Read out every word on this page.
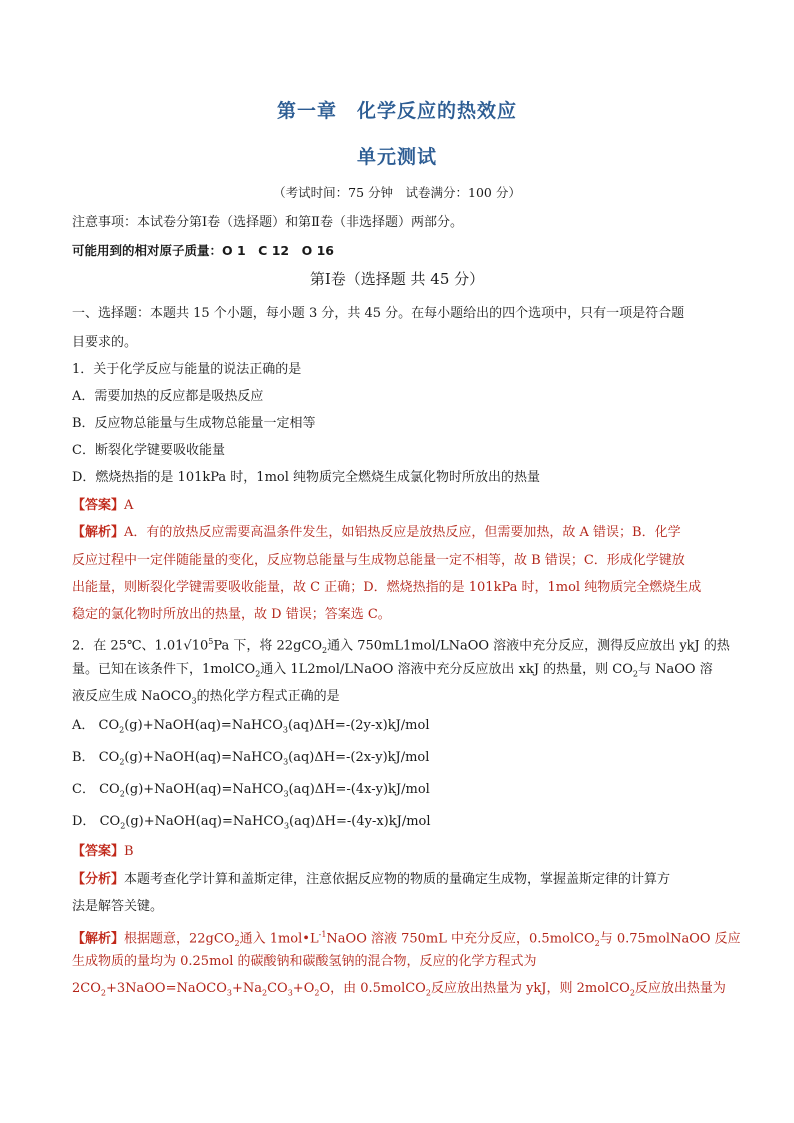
第一章　化学反应的热效应
单元测试
（考试时间：75 分钟　试卷满分：100 分）
注意事项：本试卷分第Ⅰ卷（选择题）和第Ⅱ卷（非选择题）两部分。
可能用到的相对原子质量：O 1　C 12　O 16
第Ⅰ卷（选择题 共 45 分）
一、选择题：本题共 15 个小题，每小题 3 分，共 45 分。在每小题给出的四个选项中，只有一项是符合题
目要求的。
1．关于化学反应与能量的说法正确的是
A．需要加热的反应都是吸热反应
B．反应物总能量与生成物总能量一定相等
C．断裂化学键要吸收能量
D．燃烧热指的是 101kPa 时，1mol 纯物质完全燃烧生成氯化物时所放出的热量
【答案】A
【解析】A．有的放热反应需要高温条件发生，如铝热反应是放热反应，但需要加热，故 A 错误；B．化学
反应过程中一定伴随能量的变化，反应物总能量与生成物总能量一定不相等，故 B 错误；C．形成化学键放
出能量，则断裂化学键需要吸收能量，故 C 正确；D．燃烧热指的是 101kPa 时，1mol 纯物质完全燃烧生成
稳定的氯化物时所放出的热量，故 D 错误；答案选 C。
2．在 25℃、$1.01√10^5Pa$ 下，将 22gCO$_2$通入 750mL1mol/LNaOO 溶液中充分反应，测得反应放出 ykJ 的热
量。已知在该条件下，1molCO$_2$通入 1L2mol/LNaOO 溶液中充分反应放出 xkJ 的热量，则 $CO_2$与 NaOO 溶
液反应生成 NaOCO$_3$的热化学方程式正确的是
A． $CO_2(g)+NaOH(aq)=NaHCO_3(aq)\Delta H=-(2y-x)kJ$/mol
B． $CO_2(g)+NaOH(aq)=NaHCO_3(aq)\Delta H=-(2x-y)kJ$/mol
C． $CO_2(g)+NaOH(aq)=NaHCO_3(aq)\Delta H=-(4x-y)kJ$/mol
D． $CO_2(g)+NaOH(aq)=NaHCO_3(aq)\Delta H=-(4y-x)kJ$/mol
【答案】B
【分析】本题考查化学计算和盖斯定律，注意依据反应物的物质的量确定生成物，掌握盖斯定律的计算方
法是解答关键。
【解析】根据题意，22gCO$_2$通入 $1mol•L^{-1}NaOO$ 溶液 750mL 中充分反应，0.5molCO$_2$与 0.75molNaOO 反应
生成物质的量均为 0.25mol 的碳酸钠和碳酸氢钠的混合物，反应的化学方程式为
$2CO_2+3NaOO=NaOCO_3+Na_2CO_3+O_2O$，由 0.5molCO$_2$反应放出热量为 ykJ，则 2molCO$_2$反应放出热量为
